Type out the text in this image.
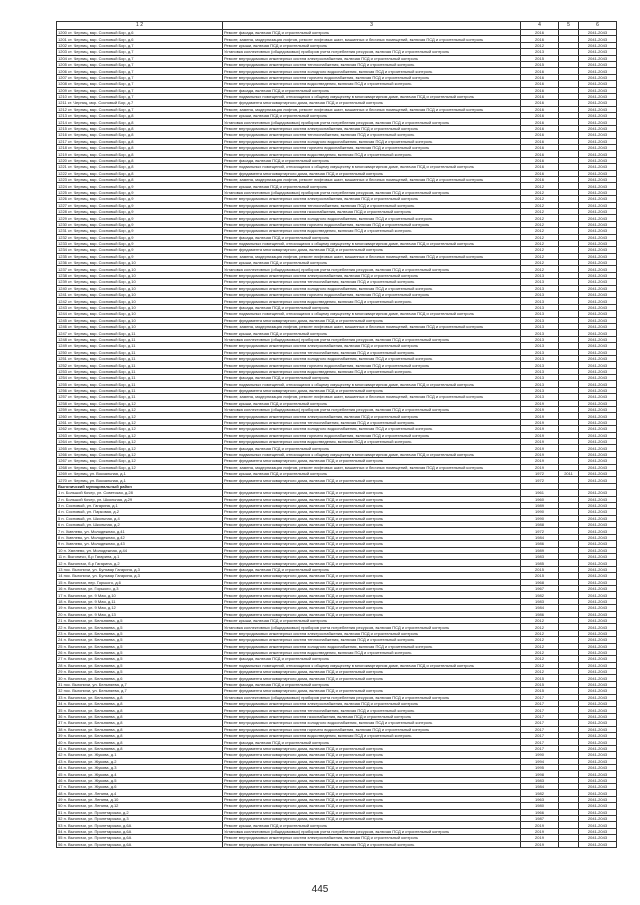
1 2	3	4	5	6
1200 ст. Черниц, мкр. Сосновый Бор, д.6	Ремонт фасада, включая ПСД и строительный контроль	2016		2041-2043
1201 ст. Черниц, мкр. Сосновый Бор, д.6	Ремонт, замена, модернизация лифтов, ремонт лифтовых шахт, машинных и блочных помещений, включая ПСД и строительный контроль	2016		2041-2043
1202 ст. Черниц, мкр. Сосновый Бор, д.7	Ремонт крыши, включая ПСД и строительный контроль	2012		2041-2043
1203 ст. Черниц, мкр. Сосновый Бор, д.7	Установка коллективных (общедомовых) приборов учета потребления ресурсов, включая ПСД и строительный контроль	2013		2041-2043
1204 ст. Черниц, мкр. Сосновый Бор, д.7	Ремонт внутридомовых инженерных систем электроснабжения, включая ПСД и строительный контроль	2015		2041-2043
1205 ст. Черниц, мкр. Сосновый Бор, д.7	Ремонт внутридомовых инженерных систем теплоснабжения, включая ПСД и строительный контроль	2015		2041-2043
1206 ст. Черниц, мкр. Сосновый Бор, д.7	Ремонт внутридомовых инженерных систем холодного водоснабжения, включая ПСД и строительный контроль	2016		2041-2043
1207 ст. Черниц, мкр. Сосновый Бор, д.7	Ремонт внутридомовых инженерных систем горячего водоснабжения, включая ПСД и строительный контроль	2016		2041-2043
1208 ст. Черниц, мкр. Сосновый Бор, д.7	Ремонт внутридомовых инженерных систем водоотведения, включая ПСД и строительный контроль	2016		2041-2043
1209 ст. Черниц, мкр. Сосновый Бор, д.7	Ремонт фасада, включая ПСД и строительный контроль	2016		2041-2043
1210 ст. Черниц, мкр. Сосновый Бор, д.7	Ремонт подвальных помещений, относящихся к общему имуществу в многоквартирном доме, включая ПСД и строительный контроль	2016		2041-2043
1211 ст. Черниц, мкр. Сосновый Бор, д.7	Ремонт фундамента многоквартирного дома, включая ПСД и строительный контроль	2016		2041-2043
1212 ст. Черниц, мкр. Сосновый Бор, д.7	Ремонт, замена, модернизация лифтов, ремонт лифтовых шахт, машинных и блочных помещений, включая ПСД и строительный контроль	2016		2041-2043
1213 ст. Черниц, мкр. Сосновый Бор, д.8	Ремонт крыши, включая ПСД и строительный контроль	2016		2041-2043
1214 ст. Черниц, мкр. Сосновый Бор, д.8	Установка коллективных (общедомовых) приборов учета потребления ресурсов, включая ПСД и строительный контроль	2016		2041-2043
1215 ст. Черниц, мкр. Сосновый Бор, д.8	Ремонт внутридомовых инженерных систем электроснабжения, включая ПСД и строительный контроль	2016		2041-2043
1216 ст. Черниц, мкр. Сосновый Бор, д.8	Ремонт внутридомовых инженерных систем теплоснабжения, включая ПСД и строительный контроль	2016		2041-2043
1217 ст. Черниц, мкр. Сосновый Бор, д.8	Ремонт внутридомовых инженерных систем холодного водоснабжения, включая ПСД и строительный контроль	2016		2041-2043
1218 ст. Черниц, мкр. Сосновый Бор, д.8	Ремонт внутридомовых инженерных систем горячего водоснабжения, включая ПСД и строительный контроль	2016		2041-2043
1219 ст. Черниц, мкр. Сосновый Бор, д.8	Ремонт внутридомовых инженерных систем водоотведения, включая ПСД и строительный контроль	2016		2041-2043
1220 ст. Черниц, мкр. Сосновый Бор, д.8	Ремонт фасада, включая ПСД и строительный контроль	2016		2041-2043
1221 ст. Черниц, мкр. Сосновый Бор, д.8	Ремонт подвальных помещений, относящихся к общему имуществу в многоквартирном доме, включая ПСД и строительный контроль	2016		2041-2043
1222 ст. Черниц, мкр. Сосновый Бор, д.8	Ремонт фундамента многоквартирного дома, включая ПСД и строительный контроль	2016		2041-2043
1223 ст. Черниц, мкр. Сосновый Бор, д.8	Ремонт, замена, модернизация лифтов, ремонт лифтовых шахт, машинных и блочных помещений, включая ПСД и строительный контроль	2016		2041-2043
1224 ст. Черниц, мкр. Сосновый Бор, д.9	Ремонт крыши, включая ПСД и строительный контроль	2012		2041-2043
1225 ст. Черниц, мкр. Сосновый Бор, д.9	Установка коллективных (общедомовых) приборов учета потребления ресурсов, включая ПСД и строительный контроль	2012		2041-2043
1226 ст. Черниц, мкр. Сосновый Бор, д.9	Ремонт внутридомовых инженерных систем электроснабжения, включая ПСД и строительный контроль	2012		2041-2043
1227 ст. Черниц, мкр. Сосновый Бор, д.9	Ремонт внутридомовых инженерных систем теплоснабжения, включая ПСД и строительный контроль	2012		2041-2043
1228 ст. Черниц, мкр. Сосновый Бор, д.9	Ремонт внутридомовых инженерных систем газоснабжения, включая ПСД и строительный контроль	2012		2041-2043
1229 ст. Черниц, мкр. Сосновый Бор, д.9	Ремонт внутридомовых инженерных систем холодного водоснабжения, включая ПСД и строительный контроль	2012		2041-2043
1230 ст. Черниц, мкр. Сосновый Бор, д.9	Ремонт внутридомовых инженерных систем горячего водоснабжения, включая ПСД и строительный контроль	2012		2041-2043
1231 ст. Черниц, мкр. Сосновый Бор, д.9	Ремонт внутридомовых инженерных систем водоотведения, включая ПСД и строительный контроль	2012		2041-2043
1232 ст. Черниц, мкр. Сосновый Бор, д.9	Ремонт фасада, включая ПСД и строительный контроль	2012		2041-2043
1233 ст. Черниц, мкр. Сосновый Бор, д.9	Ремонт подвальных помещений, относящихся к общему имуществу в многоквартирном доме, включая ПСД и строительный контроль	2012		2041-2043
1234 ст. Черниц, мкр. Сосновый Бор, д.9	Ремонт фундамента многоквартирного дома, включая ПСД и строительный контроль	2012		2041-2043
1235 ст. Черниц, мкр. Сосновый Бор, д.9	Ремонт, замена, модернизация лифтов, ремонт лифтовых шахт, машинных и блочных помещений, включая ПСД и строительный контроль	2012		2041-2043
1236 ст. Черниц, мкр. Сосновый Бор, д.10	Ремонт крыши, включая ПСД и строительный контроль	2012		2041-2043
1237 ст. Черниц, мкр. Сосновый Бор, д.10	Установка коллективных (общедомовых) приборов учета потребления ресурсов, включая ПСД и строительный контроль	2012		2041-2043
1238 ст. Черниц, мкр. Сосновый Бор, д.10	Ремонт внутридомовых инженерных систем электроснабжения, включая ПСД и строительный контроль	2013		2041-2043
1239 ст. Черниц, мкр. Сосновый Бор, д.10	Ремонт внутридомовых инженерных систем теплоснабжения, включая ПСД и строительный контроль	2013		2041-2043
1240 ст. Черниц, мкр. Сосновый Бор, д.10	Ремонт внутридомовых инженерных систем холодного водоснабжения, включая ПСД и строительный контроль	2013		2041-2043
1241 ст. Черниц, мкр. Сосновый Бор, д.10	Ремонт внутридомовых инженерных систем горячего водоснабжения, включая ПСД и строительный контроль	2013		2041-2043
1242 ст. Черниц, мкр. Сосновый Бор, д.10	Ремонт внутридомовых инженерных систем водоотведения, включая ПСД и строительный контроль	2013		2041-2043
1243 ст. Черниц, мкр. Сосновый Бор, д.10	Ремонт фасада, включая ПСД и строительный контроль	2013		2041-2043
1244 ст. Черниц, мкр. Сосновый Бор, д.10	Ремонт подвальных помещений, относящихся к общему имуществу в многоквартирном доме, включая ПСД и строительный контроль	2013		2041-2043
1245 ст. Черниц, мкр. Сосновый Бор, д.10	Ремонт фундамента многоквартирного дома, включая ПСД и строительный контроль	2013		2041-2043
1246 ст. Черниц, мкр. Сосновый Бор, д.10	Ремонт, замена, модернизация лифтов, ремонт лифтовых шахт, машинных и блочных помещений, включая ПСД и строительный контроль	2013		2041-2043
1247 ст. Черниц, мкр. Сосновый Бор, д.11	Ремонт крыши, включая ПСД и строительный контроль	2013		2041-2043
1248 ст. Черниц, мкр. Сосновый Бор, д.11	Установка коллективных (общедомовых) приборов учета потребления ресурсов, включая ПСД и строительный контроль	2013		2041-2043
1249 ст. Черниц, мкр. Сосновый Бор, д.11	Ремонт внутридомовых инженерных систем электроснабжения, включая ПСД и строительный контроль	2013		2041-2043
1250 ст. Черниц, мкр. Сосновый Бор, д.11	Ремонт внутридомовых инженерных систем теплоснабжения, включая ПСД и строительный контроль	2013		2041-2043
1251 ст. Черниц, мкр. Сосновый Бор, д.11	Ремонт внутридомовых инженерных систем холодного водоснабжения, включая ПСД и строительный контроль	2013		2041-2043
1252 ст. Черниц, мкр. Сосновый Бор, д.11	Ремонт внутридомовых инженерных систем горячего водоснабжения, включая ПСД и строительный контроль	2013		2041-2043
1253 ст. Черниц, мкр. Сосновый Бор, д.11	Ремонт внутридомовых инженерных систем водоотведения, включая ПСД и строительный контроль	2013		2041-2043
1254 ст. Черниц, мкр. Сосновый Бор, д.11	Ремонт фасада, включая ПСД и строительный контроль	2013		2041-2043
1255 ст. Черниц, мкр. Сосновый Бор, д.11	Ремонт подвальных помещений, относящихся к общему имуществу в многоквартирном доме, включая ПСД и строительный контроль	2013		2041-2043
1256 ст. Черниц, мкр. Сосновый Бор, д.11	Ремонт фундамента многоквартирного дома, включая ПСД и строительный контроль	2013		2041-2043
1257 ст. Черниц, мкр. Сосновый Бор, д.11	Ремонт, замена, модернизация лифтов, ремонт лифтовых шахт, машинных и блочных помещений, включая ПСД и строительный контроль	2013		2041-2043
1258 ст. Черниц, мкр. Сосновый Бор, д.12	Ремонт крыши, включая ПСД и строительный контроль	2019		2041-2043
1259 ст. Черниц, мкр. Сосновый Бор, д.12	Установка коллективных (общедомовых) приборов учета потребления ресурсов, включая ПСД и строительный контроль	2019		2041-2043
1260 ст. Черниц, мкр. Сосновый Бор, д.12	Ремонт внутридомовых инженерных систем электроснабжения, включая ПСД и строительный контроль	2019		2041-2043
1261 ст. Черниц, мкр. Сосновый Бор, д.12	Ремонт внутридомовых инженерных систем теплоснабжения, включая ПСД и строительный контроль	2019		2041-2043
1262 ст. Черниц, мкр. Сосновый Бор, д.12	Ремонт внутридомовых инженерных систем холодного водоснабжения, включая ПСД и строительный контроль	2019		2041-2043
1263 ст. Черниц, мкр. Сосновый Бор, д.12	Ремонт внутридомовых инженерных систем горячего водоснабжения, включая ПСД и строительный контроль	2019		2041-2043
1264 ст. Черниц, мкр. Сосновый Бор, д.12	Ремонт внутридомовых инженерных систем водоотведения, включая ПСД и строительный контроль	2019		2041-2043
1265 ст. Черниц, мкр. Сосновый Бор, д.12	Ремонт фасада, включая ПСД и строительный контроль	2019		2041-2043
1266 ст. Черниц, мкр. Сосновый Бор, д.12	Ремонт подвальных помещений, относящихся к общему имуществу в многоквартирном доме, включая ПСД и строительный контроль	2019		2041-2043
1267 ст. Черниц, мкр. Сосновый Бор, д.12	Ремонт фундамента многоквартирного дома, включая ПСД и строительный контроль	2019		2041-2043
1268 ст. Черниц, мкр. Сосновый Бор, д.12	Ремонт, замена, модернизация лифтов, ремонт лифтовых шахт, машинных и блочных помещений, включая ПСД и строительный контроль	2019		2041-2043
1269 ст. Черниц, ул. Вокзальная, д.1	Ремонт крыши, включая ПСД и строительный контроль	1972	2011	2041-2043
1270 ст. Черниц, ул. Вокзальная, д.1	Ремонт фундамента многоквартирного дома, включая ПСД и строительный контроль	1972		2041-2043
Выгоничский муниципальный район				
1 п. Большой Кочер, ул. Советская, д.28	Ремонт фундамента многоквартирного дома, включая ПСД и строительный контроль	1961		2041-2043
2 п. Большой Кочер, ул. Школьная, д.29	Ремонт фундамента многоквартирного дома, включая ПСД и строительный контроль	1960		2041-2043
3 п. Сосновый, ул. Гагарина, д.1	Ремонт фундамента многоквартирного дома, включая ПСД и строительный контроль	1989		2041-2043
4 п. Сосновый, ул. Парковая, д.2	Ремонт фундамента многоквартирного дома, включая ПСД и строительный контроль	1990		2041-2043
5 п. Сосновый, ул. Школьная, д.4	Ремонт фундамента многоквартирного дома, включая ПСД и строительный контроль	1990		2041-2043
6 п. Сосновый, ул. Школьная, д.2	Ремонт фундамента многоквартирного дома, включая ПСД и строительный контроль	1988		2041-2043
7 п. Хмелево, ул. Молодежная, д.41	Ремонт фундамента многоквартирного дома, включая ПСД и строительный контроль	1972		2041-2043
8 п. Хмелево, ул. Молодежная, д.42	Ремонт фундамента многоквартирного дома, включая ПСД и строительный контроль	1984		2041-2043
9 п. Хмелево, ул. Молодежная, д.43	Ремонт фундамента многоквартирного дома, включая ПСД и строительный контроль	1986		2041-2043
10 п. Хмелево, ул. Молодежная, д.44	Ремонт фундамента многоквартирного дома, включая ПСД и строительный контроль	1989		2041-2043
11 п. Выгоничи, б-р Гагарина, д.1	Ремонт фундамента многоквартирного дома, включая ПСД и строительный контроль	1983		2041-2043
12 п. Выгоничи, б-р Гагарина, д.2	Ремонт фундамента многоквартирного дома, включая ПСД и строительный контроль	1985		2041-2043
13 пос. Выгоничи, ул. Бульвар Гагарина, д.3	Ремонт фасада, включая ПСД и строительный контроль	2015		2041-2043
14 пос. Выгоничи, ул. Бульвар Гагарина, д.3	Ремонт фундамента многоквартирного дома, включая ПСД и строительный контроль	2015		2041-2043
15 п. Выгоничи, пер. Горького, д.6	Ремонт фундамента многоквартирного дома, включая ПСД и строительный контроль	1968		2041-2043
16 п. Выгоничи, ул. Горького, д.3	Ремонт фундамента многоквартирного дома, включая ПСД и строительный контроль	1967		2041-2043
17 п. Выгоничи, ул. 9 Мая, д.10	Ремонт фундамента многоквартирного дома, включая ПСД и строительный контроль	1982		2041-2043
18 п. Выгоничи, ул. 9 Мая, д.11	Ремонт фундамента многоквартирного дома, включая ПСД и строительный контроль	1983		2041-2043
19 п. Выгоничи, ул. 9 Мая, д.12	Ремонт фундамента многоквартирного дома, включая ПСД и строительный контроль	1984		2041-2043
20 п. Выгоничи, ул. 9 Мая, д.13	Ремонт фундамента многоквартирного дома, включая ПСД и строительный контроль	1986		2041-2043
21 п. Выгоничи, ул. Бельняева, д.5	Ремонт крыши, включая ПСД и строительный контроль	2012		2041-2043
22 п. Выгоничи, ул. Бельняева, д.5	Установка коллективных (общедомовых) приборов учета потребления ресурсов, включая ПСД и строительный контроль	2012		2041-2043
23 п. Выгоничи, ул. Бельняева, д.5	Ремонт внутридомовых инженерных систем электроснабжения, включая ПСД и строительный контроль	2012		2041-2043
24 п. Выгоничи, ул. Бельняева, д.5	Ремонт внутридомовых инженерных систем теплоснабжения, включая ПСД и строительный контроль	2012		2041-2043
25 п. Выгоничи, ул. Бельняева, д.5	Ремонт внутридомовых инженерных систем холодного водоснабжения, включая ПСД и строительный контроль	2012		2041-2043
26 п. Выгоничи, ул. Бельняева, д.5	Ремонт внутридомовых инженерных систем водоотведения, включая ПСД и строительный контроль	2012		2041-2043
27 п. Выгоничи, ул. Бельняева, д.5	Ремонт фасада, включая ПСД и строительный контроль	2012		2041-2043
28 п. Выгоничи, ул. Бельняева, д.5	Ремонт подвальных помещений, относящихся к общему имуществу в многоквартирном доме, включая ПСД и строительный контроль	2012		2041-2043
29 п. Выгоничи, ул. Бельняева, д.5	Ремонт фундамента многоквартирного дома, включая ПСД и строительный контроль	2012		2041-2043
30 п. Выгоничи, ул. Бельняева, д.6	Ремонт фундамента многоквартирного дома, включая ПСД и строительный контроль	2015		2041-2043
31 пос. Выгоничи, ул. Бельняева, д.7	Ремонт фасада, включая ПСД и строительный контроль	2015		2041-2043
32 пос. Выгоничи, ул. Бельняева, д.7	Ремонт фундамента многоквартирного дома, включая ПСД и строительный контроль	2015		2041-2043
33 п. Выгоничи, ул. Бельняева, д.8	Установка коллективных (общедомовых) приборов учета потребления ресурсов, включая ПСД и строительный контроль	2017		2041-2043
34 п. Выгоничи, ул. Бельняева, д.8	Ремонт внутридомовых инженерных систем электроснабжения, включая ПСД и строительный контроль	2017		2041-2043
35 п. Выгоничи, ул. Бельняева, д.8	Ремонт внутридомовых инженерных систем теплоснабжения, включая ПСД и строительный контроль	2017		2041-2043
36 п. Выгоничи, ул. Бельняева, д.8	Ремонт внутридомовых инженерных систем газоснабжения, включая ПСД и строительный контроль	2017		2041-2043
37 п. Выгоничи, ул. Бельняева, д.8	Ремонт внутридомовых инженерных систем холодного водоснабжения, включая ПСД и строительный контроль	2017		2041-2043
38 п. Выгоничи, ул. Бельняева, д.8	Ремонт внутридомовых инженерных систем горячего водоснабжения, включая ПСД и строительный контроль	2017		2041-2043
39 п. Выгоничи, ул. Бельняева, д.8	Ремонт внутридомовых инженерных систем водоотведения, включая ПСД и строительный контроль	2017		2041-2043
40 п. Выгоничи, ул. Бельняева, д.8	Ремонт фасада, включая ПСД и строительный контроль	2017		2041-2043
41 п. Выгоничи, ул. Бельняева, д.8	Ремонт фундамента многоквартирного дома, включая ПСД и строительный контроль	2017		2041-2043
42 п. Выгоничи, ул. Жукова, д.1	Ремонт фундамента многоквартирного дома, включая ПСД и строительный контроль	1990		2041-2043
43 п. Выгоничи, ул. Жукова, д.2	Ремонт фундамента многоквартирного дома, включая ПСД и строительный контроль	1994		2041-2043
44 п. Выгоничи, ул. Жукова, д.3	Ремонт фундамента многоквартирного дома, включая ПСД и строительный контроль	1995		2041-2043
45 п. Выгоничи, ул. Жукова, д.4	Ремонт фундамента многоквартирного дома, включая ПСД и строительный контроль	1998		2041-2043
46 п. Выгоничи, ул. Жукова, д.5	Ремонт фундамента многоквартирного дома, включая ПСД и строительный контроль	1983		2041-2043
47 п. Выгоничи, ул. Жукова, д.6	Ремонт фундамента многоквартирного дома, включая ПСД и строительный контроль	1984		2041-2043
48 п. Выгоничи, ул. Ленина, д.4	Ремонт фундамента многоквартирного дома, включая ПСД и строительный контроль	1982		2041-2043
49 п. Выгоничи, ул. Ленина, д.10	Ремонт фундамента многоквартирного дома, включая ПСД и строительный контроль	1963		2041-2043
50 п. Выгоничи, ул. Ленина, д.12	Ремонт фундамента многоквартирного дома, включая ПСД и строительный контроль	1980		2041-2043
51 п. Выгоничи, ул. Пролетарская, д.2	Ремонт фундамента многоквартирного дома, включая ПСД и строительный контроль	1966		2041-2043
52 п. Выгоничи, ул. Пролетарская, д.3	Ремонт фундамента многоквартирного дома, включая ПСД и строительный контроль	1987		2041-2043
53 п. Выгоничи, ул. Пролетарская, д.6А	Ремонт крыши, включая ПСД и строительный контроль	2019		2041-2043
54 п. Выгоничи, ул. Пролетарская, д.6А	Установка коллективных (общедомовых) приборов учета потребления ресурсов, включая ПСД и строительный контроль	2019		2041-2043
55 п. Выгоничи, ул. Пролетарская, д.6А	Ремонт внутридомовых инженерных систем электроснабжения, включая ПСД и строительный контроль	2019		2041-2043
56 п. Выгоничи, ул. Пролетарская, д.6А	Ремонт внутридомовых инженерных систем теплоснабжения, включая ПСД и строительный контроль	2019		2041-2043
445
